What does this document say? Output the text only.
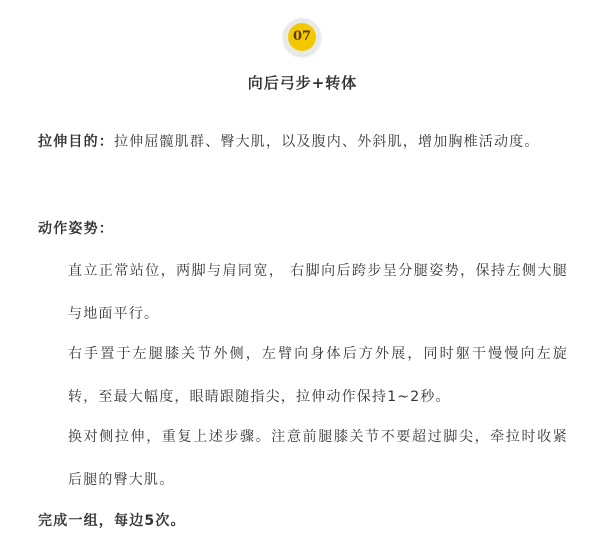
07
向后弓步+转体

拉伸目的：拉伸屈髋肌群、臀大肌，以及腹内、外斜肌，增加胸椎活动度。

动作姿势：

直立正常站位，两脚与肩同宽， 右脚向后跨步呈分腿姿势，保持左侧大腿与地面平行。

右手置于左腿膝关节外侧，左臂向身体后方外展，同时躯干慢慢向左旋转，至最大幅度，眼睛跟随指尖，拉伸动作保持1~2秒。

换对侧拉伸，重复上述步骤。注意前腿膝关节不要超过脚尖，牵拉时收紧后腿的臀大肌。

完成一组，每边5次。
